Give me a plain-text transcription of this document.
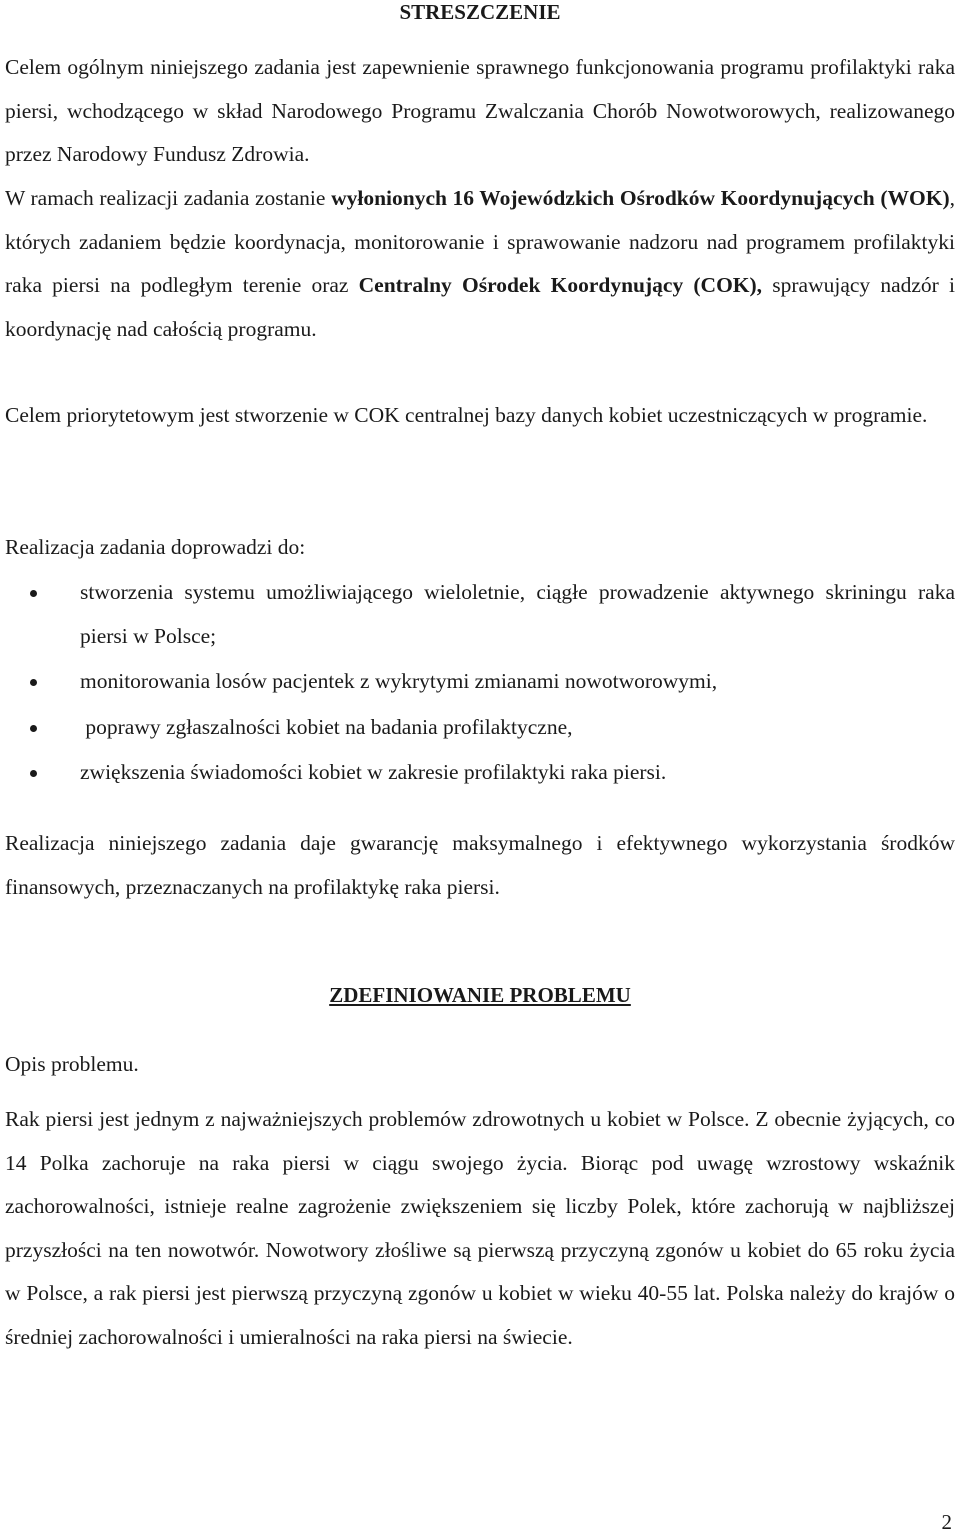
STRESZCZENIE

Celem ogólnym niniejszego zadania jest zapewnienie sprawnego funkcjonowania programu profilaktyki raka piersi, wchodzącego w skład Narodowego Programu Zwalczania Chorób Nowotworowych, realizowanego przez Narodowy Fundusz Zdrowia.

W ramach realizacji zadania zostanie wyłonionych 16 Wojewódzkich Ośrodków Koordynujących (WOK), których zadaniem będzie koordynacja, monitorowanie i sprawowanie nadzoru nad programem profilaktyki raka piersi na podległym terenie oraz Centralny Ośrodek Koordynujący (COK), sprawujący nadzór i koordynację nad całością programu.

Celem priorytetowym jest stworzenie w COK centralnej bazy danych kobiet uczestniczących w programie.

Realizacja zadania doprowadzi do:

stworzenia systemu umożliwiającego wieloletnie, ciągłe prowadzenie aktywnego skriningu raka piersi w Polsce;
monitorowania losów pacjentek z wykrytymi zmianami nowotworowymi,
poprawy zgłaszalności kobiet na badania profilaktyczne,
zwiększenia świadomości kobiet w zakresie profilaktyki raka piersi.

Realizacja niniejszego zadania daje gwarancję maksymalnego i efektywnego wykorzystania środków finansowych, przeznaczanych na profilaktykę raka piersi.

ZDEFINIOWANIE PROBLEMU

Opis problemu.

Rak piersi jest jednym z najważniejszych problemów zdrowotnych u kobiet w Polsce. Z obecnie żyjących, co 14 Polka zachoruje na raka piersi w ciągu swojego życia. Biorąc pod uwagę wzrostowy wskaźnik zachorowalności, istnieje realne zagrożenie zwiększeniem się liczby Polek, które zachorują w najbliższej przyszłości na ten nowotwór. Nowotwory złośliwe są pierwszą przyczyną zgonów u kobiet do 65 roku życia w Polsce, a rak piersi jest pierwszą przyczyną zgonów u kobiet w wieku 40-55 lat. Polska należy do krajów o średniej zachorowalności i umieralności na raka piersi na świecie.

2
